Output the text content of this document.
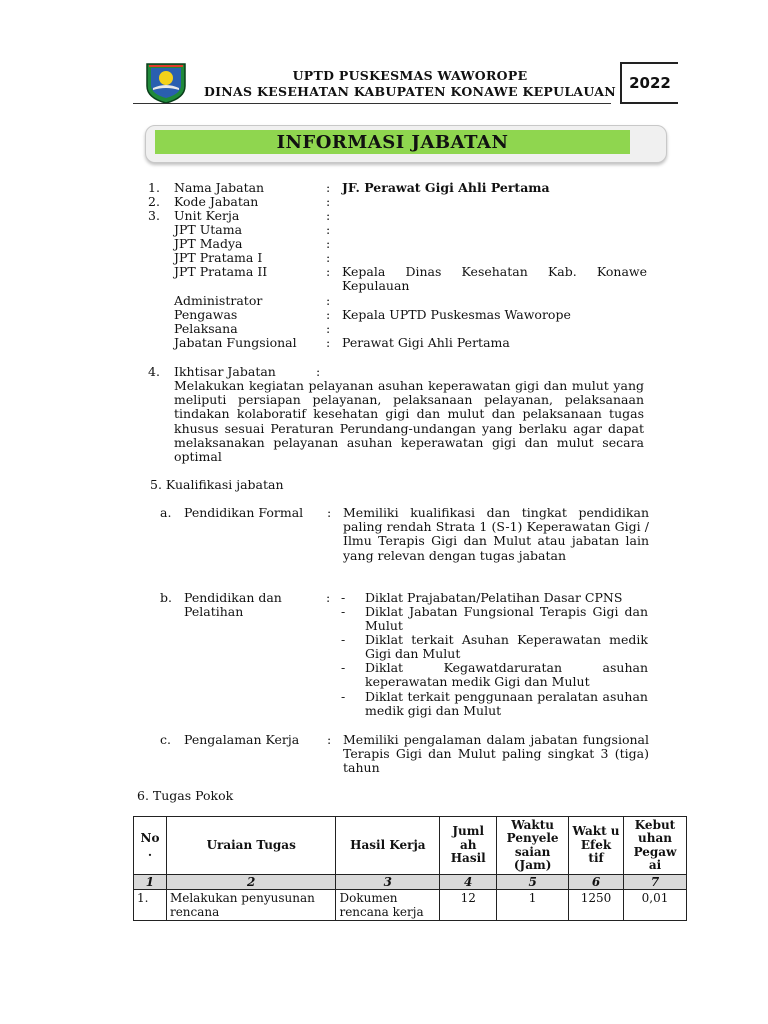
UPTD PUSKESMAS WAWOROPE
DINAS KESEHATAN KABUPATEN KONAWE KEPULAUAN 2022
INFORMASI JABATAN
1. Nama Jabatan	: JF. Perawat Gigi Ahli Pertama
2. Kode Jabatan	:
3. Unit Kerja	:
JPT Utama	:
JPT Madya	:
JPT Pratama I	:
JPT Pratama II	: Kepala Dinas Kesehatan Kab. Konawe
Kepulauan
Administrator	:
Pengawas	: Kepala UPTD Puskesmas Waworope
Pelaksana	:
Jabatan Fungsional : Perawat Gigi Ahli Pertama
4. Ikhtisar Jabatan	:
Melakukan kegiatan pelayanan asuhan keperawatan gigi dan mulut yang meliputi persiapan pelayanan, pelaksanaan pelayanan, pelaksanaan tindakan kolaboratif kesehatan gigi dan mulut dan pelaksanaan tugas khusus sesuai Peraturan Perundang-undangan yang berlaku agar dapat melaksanakan pelayanan asuhan keperawatan gigi dan mulut secara optimal
5. Kualifikasi jabatan
a. Pendidikan Formal : Memiliki kualifikasi dan tingkat pendidikan paling rendah Strata 1 (S-1) Keperawatan Gigi / Ilmu Terapis Gigi dan Mulut atau jabatan lain yang relevan dengan tugas jabatan
b. Pendidikan dan
Pelatihan
: - Diklat Prajabatan/Pelatihan Dasar CPNS
- Diklat Jabatan Fungsional Terapis Gigi dan Mulut
- Diklat terkait Asuhan Keperawatan medik Gigi dan Mulut
- Diklat Kegawatdaruratan asuhan keperawatan medik Gigi dan Mulut
- Diklat terkait penggunaan peralatan asuhan medik gigi dan Mulut
c. Pengalaman Kerja : Memiliki pengalaman dalam jabatan fungsional Terapis Gigi dan Mulut paling singkat 3 (tiga) tahun
6. Tugas Pokok
No .	Uraian Tugas	Hasil Kerja	Juml ah Hasil	Waktu Penyele saian (Jam)	Wakt u Efek tif	Kebut uhan Pegaw ai
1	2	3	4	5	6	7
1.	Melakukan penyusunan rencana	Dokumen rencana kerja	12	1	1250	0,01
